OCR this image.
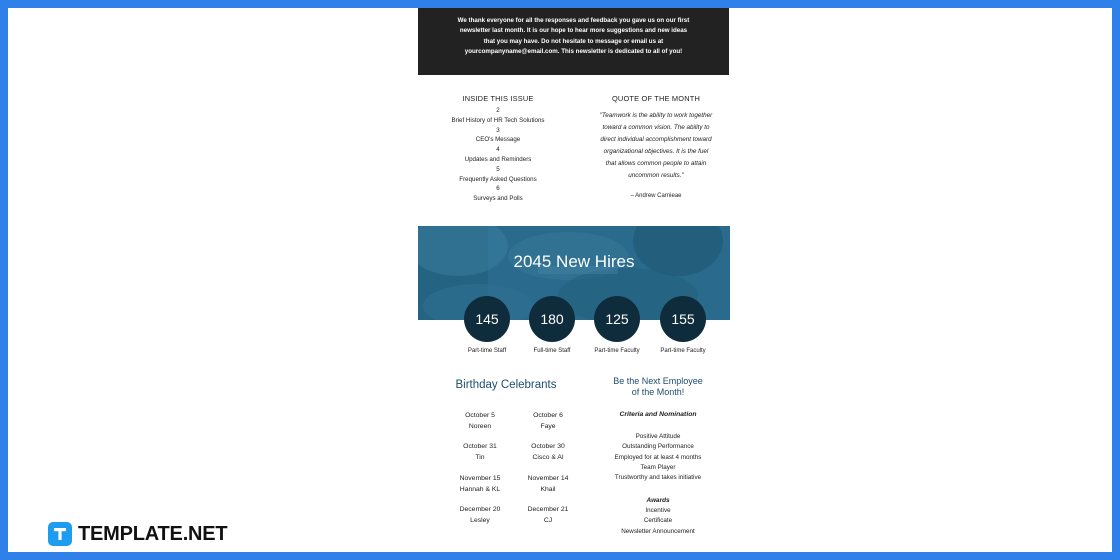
We thank everyone for all the responses and feedback you gave us on our first
newsletter last month. It is our hope to hear more suggestions and new ideas
that you may have. Do not hesitate to message or email us at
yourcompanyname@email.com. This newsletter is dedicated to all of you!
INSIDE THIS ISSUE
2
Brief History of HR Tech Solutions
3
CEO's Message
4
Updates and Reminders
5
Frequently Asked Questions
6
Surveys and Polls
QUOTE OF THE MONTH
"Teamwork is the ability to work together
toward a common vision. The ability to
direct individual accomplishment toward
organizational objectives. It is the fuel
that allows common people to attain
uncommon results."
– Andrew Carnieae
2045 New Hires
145
Part-time Staff
180
Full-time Staff
125
Part-time Faculty
155
Part-time Faculty
Birthday Celebrants
October 5
Noreen
October 6
Faye
October 31
Tin
October 30
Cisco & Al
November 15
Hannah & KL
November 14
Khail
December 20
Lesley
December 21
CJ
Be the Next Employee
of the Month!
Criteria and Nomination
Positive Attitude
Outstanding Performance
Employed for at least 4 months
Team Player
Trustworthy and takes initiative
Awards
Incentive
Certificate
Newsletter Announcement
TEMPLATE.NET
